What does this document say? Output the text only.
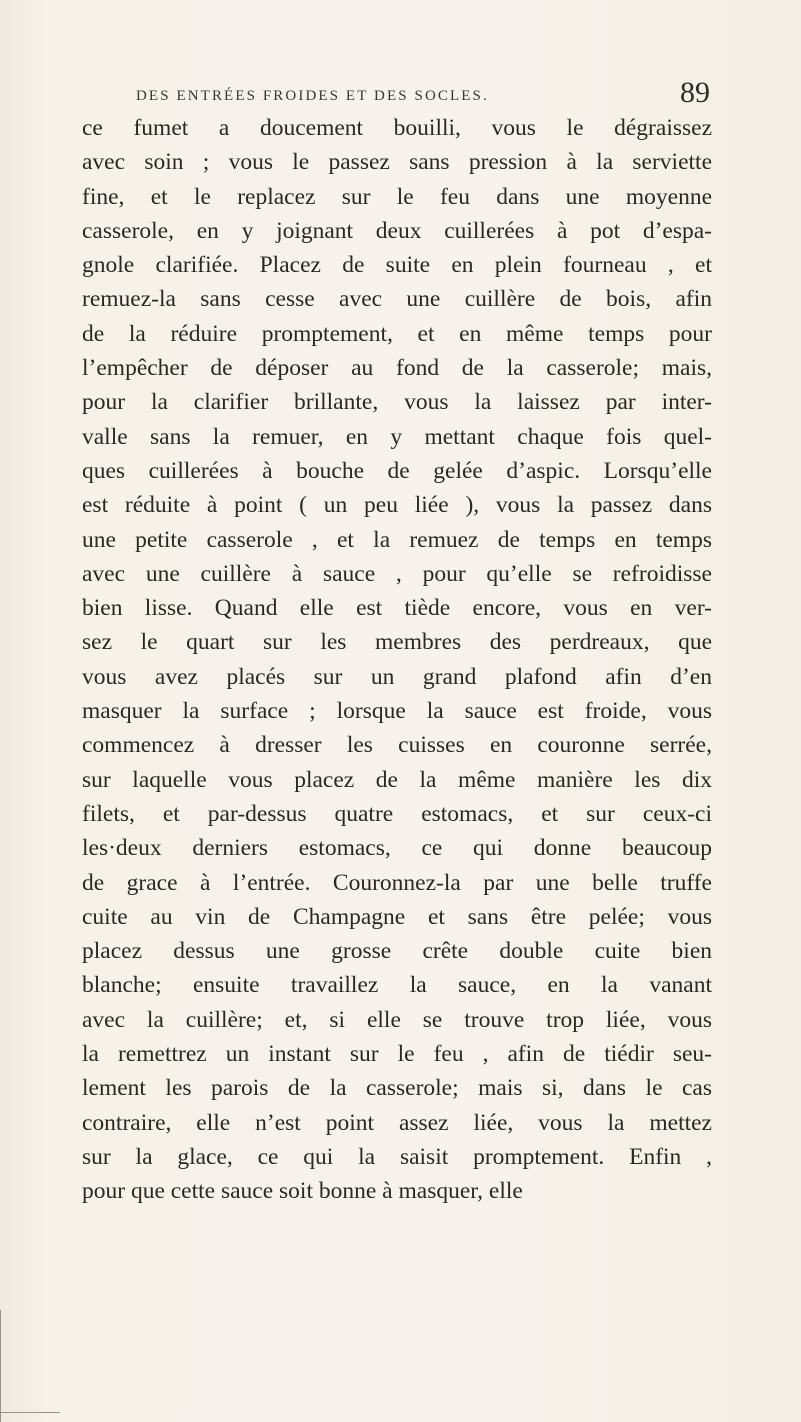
DES ENTRÉES FROIDES ET DES SOCLES.	89
ce fumet a doucement bouilli, vous le dégraissez
avec soin ; vous le passez sans pression à la serviette
fine, et le replacez sur le feu dans une moyenne
casserole, en y joignant deux cuillerées à pot d’espa-
gnole clarifiée. Placez de suite en plein fourneau , et
remuez-la sans cesse avec une cuillère de bois, afin
de la réduire promptement, et en même temps pour
l’empêcher de déposer au fond de la casserole; mais,
pour la clarifier brillante, vous la laissez par inter-
valle sans la remuer, en y mettant chaque fois quel-
ques cuillerées à bouche de gelée d’aspic. Lorsqu’elle
est réduite à point ( un peu liée ), vous la passez dans
une petite casserole , et la remuez de temps en temps
avec une cuillère à sauce , pour qu’elle se refroidisse
bien lisse. Quand elle est tiède encore, vous en ver-
sez le quart sur les membres des perdreaux, que
vous avez placés sur un grand plafond afin d’en
masquer la surface ; lorsque la sauce est froide, vous
commencez à dresser les cuisses en couronne serrée,
sur laquelle vous placez de la même manière les dix
filets, et par-dessus quatre estomacs, et sur ceux-ci
les·deux derniers estomacs, ce qui donne beaucoup
de grace à l’entrée. Couronnez-la par une belle truffe
cuite au vin de Champagne et sans être pelée; vous
placez dessus une grosse crête double cuite bien
blanche; ensuite travaillez la sauce, en la vanant
avec la cuillère; et, si elle se trouve trop liée, vous
la remettrez un instant sur le feu , afin de tiédir seu-
lement les parois de la casserole; mais si, dans le cas
contraire, elle n’est point assez liée, vous la mettez
sur la glace, ce qui la saisit promptement. Enfin ,
pour que cette sauce soit bonne à masquer, elle
